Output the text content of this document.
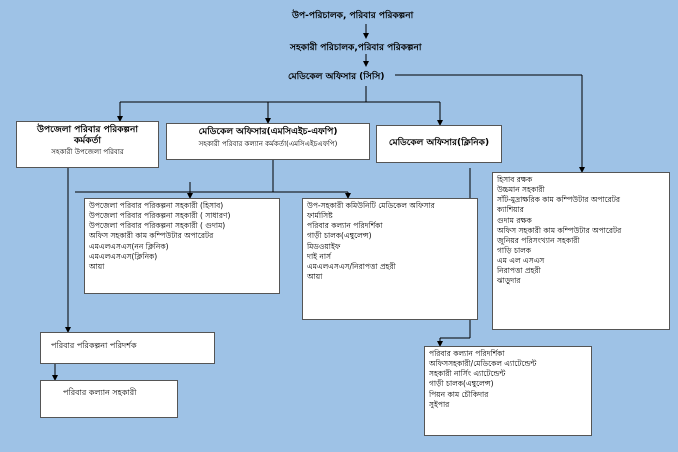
উপ-পরিচালক, পরিবার পরিকল্পনা
সহকারী পরিচালক,পরিবার পরিকল্পনা
মেডিকেল অফিসার (সিসি)
উপজেলা পরিবার পরিকল্পনা
কর্মকর্তা
সহকারী উপজেলা পরিবার
মেডিকেল অফিসার(এমসিএইচ-এফপি)
সহকারী পরিবার কল্যান কর্মকর্তা(এমসিএইচএফপি)	মেডিকেল অফিসার(ক্লিনিক)
উপজেলা পরিবার পরিকল্পনা সহকারী (হিসাব)
উপজেলা পরিবার পরিকল্পনা সহকারী ( সাধারণ)
উপজেলা পরিবার পরিকল্পনা সহকারী ( গুদাম)
অফিস সহকারী কাম কম্পিউটার অপারেটর
এমএলএসএস(নন ক্লিনিক)
এমএলএসএস(ক্লিনিক)
আয়া
উপ-সহকারী কমিউনিটি মেডিকেল অফিসার
ফার্মাসিষ্ট
পরিবার কল্যান পরিদর্শিকা
গাড়ী চালক(এম্বুলেন্স)
মিডওয়াইফ
দাই নার্স
এমএলএসএস/নিরাপত্তা প্রহরী
আয়া
হিসাব রক্ষক
উচ্চমান সহকারী
সাঁট-মুদ্রাক্ষরিক কাম কম্পিউটার অপারেটর
ক্যাশিয়ার
গুদাম রক্ষক
অফিস সহকারী কাম কম্পিউটার অপারেটর
জুনিয়র পরিসংখ্যান সহকারী
গাড়ি চালক
এম এল এসএস
নিরাপত্তা প্রহরী
ঝাড়ুদার
পরিবার পরিকল্পনা পরিদর্শক
পরিবার কল্যান সহকারী
পরিবার কল্যান পরিদর্শিকা
অফিসসহকারী/মেডিকেল এ্যাটেন্ডেন্ট
সহকারী নার্সিং এ্যাটেন্ডেন্ট
গাড়ী চালক(এম্বুলেন্স)
পিয়ন কাম চৌকিদার
সুইপার
